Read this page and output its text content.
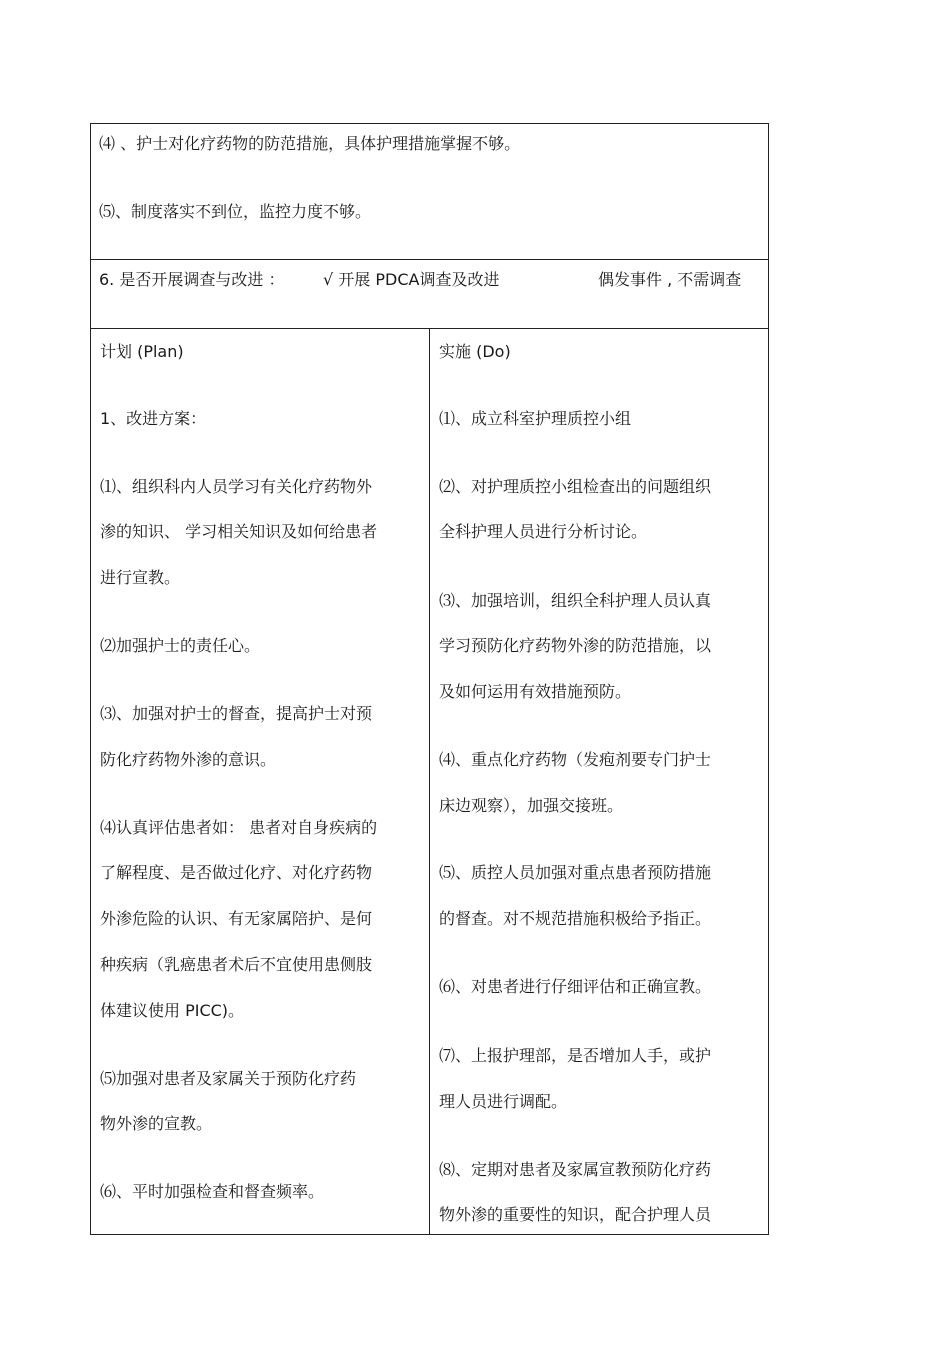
⑷ 、护士对化疗药物的防范措施，具体护理措施掌握不够。
⑸、制度落实不到位，监控力度不够。
6. 是否开展调查与改进 ： √ 开展 PDCA调查及改进	偶发事件 , 不需调查
计划 (Plan)
1、改进方案：
⑴、组织科内人员学习有关化疗药物外
渗的知识、 学习相关知识及如何给患者
进行宣教。
⑵加强护士的责任心。
⑶、加强对护士的督查，提高护士对预
防化疗药物外渗的意识。
⑷认真评估患者如： 患者对自身疾病的
了解程度、是否做过化疗、对化疗药物
外渗危险的认识、有无家属陪护、是何
种疾病（乳癌患者术后不宜使用患侧肢
体建议使用 PICC)。
⑸加强对患者及家属关于预防化疗药
物外渗的宣教。
⑹、平时加强检查和督查频率。
实施 (Do)
⑴、成立科室护理质控小组
⑵、对护理质控小组检查出的问题组织
全科护理人员进行分析讨论。
⑶、加强培训，组织全科护理人员认真
学习预防化疗药物外渗的防范措施，以
及如何运用有效措施预防。
⑷、重点化疗药物（发疱剂要专门护士
床边观察），加强交接班。
⑸、质控人员加强对重点患者预防措施
的督查。对不规范措施积极给予指正。
⑹、对患者进行仔细评估和正确宣教。
⑺、上报护理部，是否增加人手，或护
理人员进行调配。
⑻、定期对患者及家属宣教预防化疗药
物外渗的重要性的知识，配合护理人员
